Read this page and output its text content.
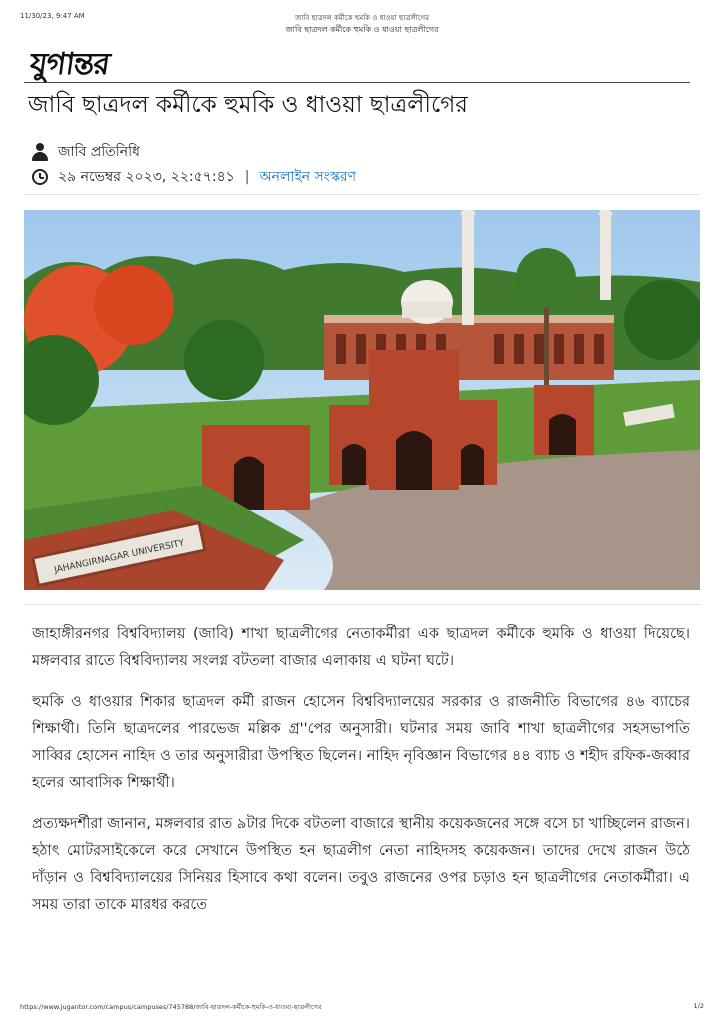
11/30/23, 9:47 AM	জাবি ছাত্রদল কর্মীকে হুমকি ও ধাওয়া ছাত্রলীগের
জাবি ছাত্রদল কর্মীকে হুমকি ও ধাওয়া ছাত্রলীগের
যুগান্তর
জাবি ছাত্রদল কর্মীকে হুমকি ও ধাওয়া ছাত্রলীগের
জাবি প্রতিনিধি
২৯ নভেম্বর ২০২৩, ২২:৫৭:৪১ | অনলাইন সংস্করণ
JAHANGIRNAGAR UNIVERSITY

জাহাঙ্গীরনগর বিশ্ববিদ্যালয় (জাবি) শাখা ছাত্রলীগের নেতাকর্মীরা এক ছাত্রদল কর্মীকে হুমকি ও ধাওয়া দিয়েছে। মঙ্গলবার রাতে বিশ্ববিদ্যালয় সংলগ্ন বটতলা বাজার এলাকায় এ ঘটনা ঘটে।

হুমকি ও ধাওয়ার শিকার ছাত্রদল কর্মী রাজন হোসেন বিশ্ববিদ্যালয়ের সরকার ও রাজনীতি বিভাগের ৪৬ ব্যাচের শিক্ষার্থী। তিনি ছাত্রদলের পারভেজ মল্লিক গ্র''পের অনুসারী। ঘটনার সময় জাবি শাখা ছাত্রলীগের সহসভাপতি সাব্বির হোসেন নাহিদ ও তার অনুসারীরা উপস্থিত ছিলেন। নাহিদ নৃবিজ্ঞান বিভাগের ৪৪ ব্যাচ ও শহীদ রফিক-জব্বার হলের আবাসিক শিক্ষার্থী।

প্রত্যক্ষদর্শীরা জানান, মঙ্গলবার রাত ৯টার দিকে বটতলা বাজারে স্থানীয় কয়েকজনের সঙ্গে বসে চা খাচ্ছিলেন রাজন। হঠাৎ মোটরসাইকেলে করে সেখানে উপস্থিত হন ছাত্রলীগ নেতা নাহিদসহ কয়েকজন। তাদের দেখে রাজন উঠে দাঁড়ান ও বিশ্ববিদ্যালয়ের সিনিয়র হিসাবে কথা বলেন। তবুও রাজনের ওপর চড়াও হন ছাত্রলীগের নেতাকর্মীরা। এ সময় তারা তাকে মারধর করতে

https://www.jugantor.com/campus/campuses/745788/জাবি-ছাত্রদল-কর্মীকে-হুমকি-ও-ধাওয়া-ছাত্রলীগের	1/2
